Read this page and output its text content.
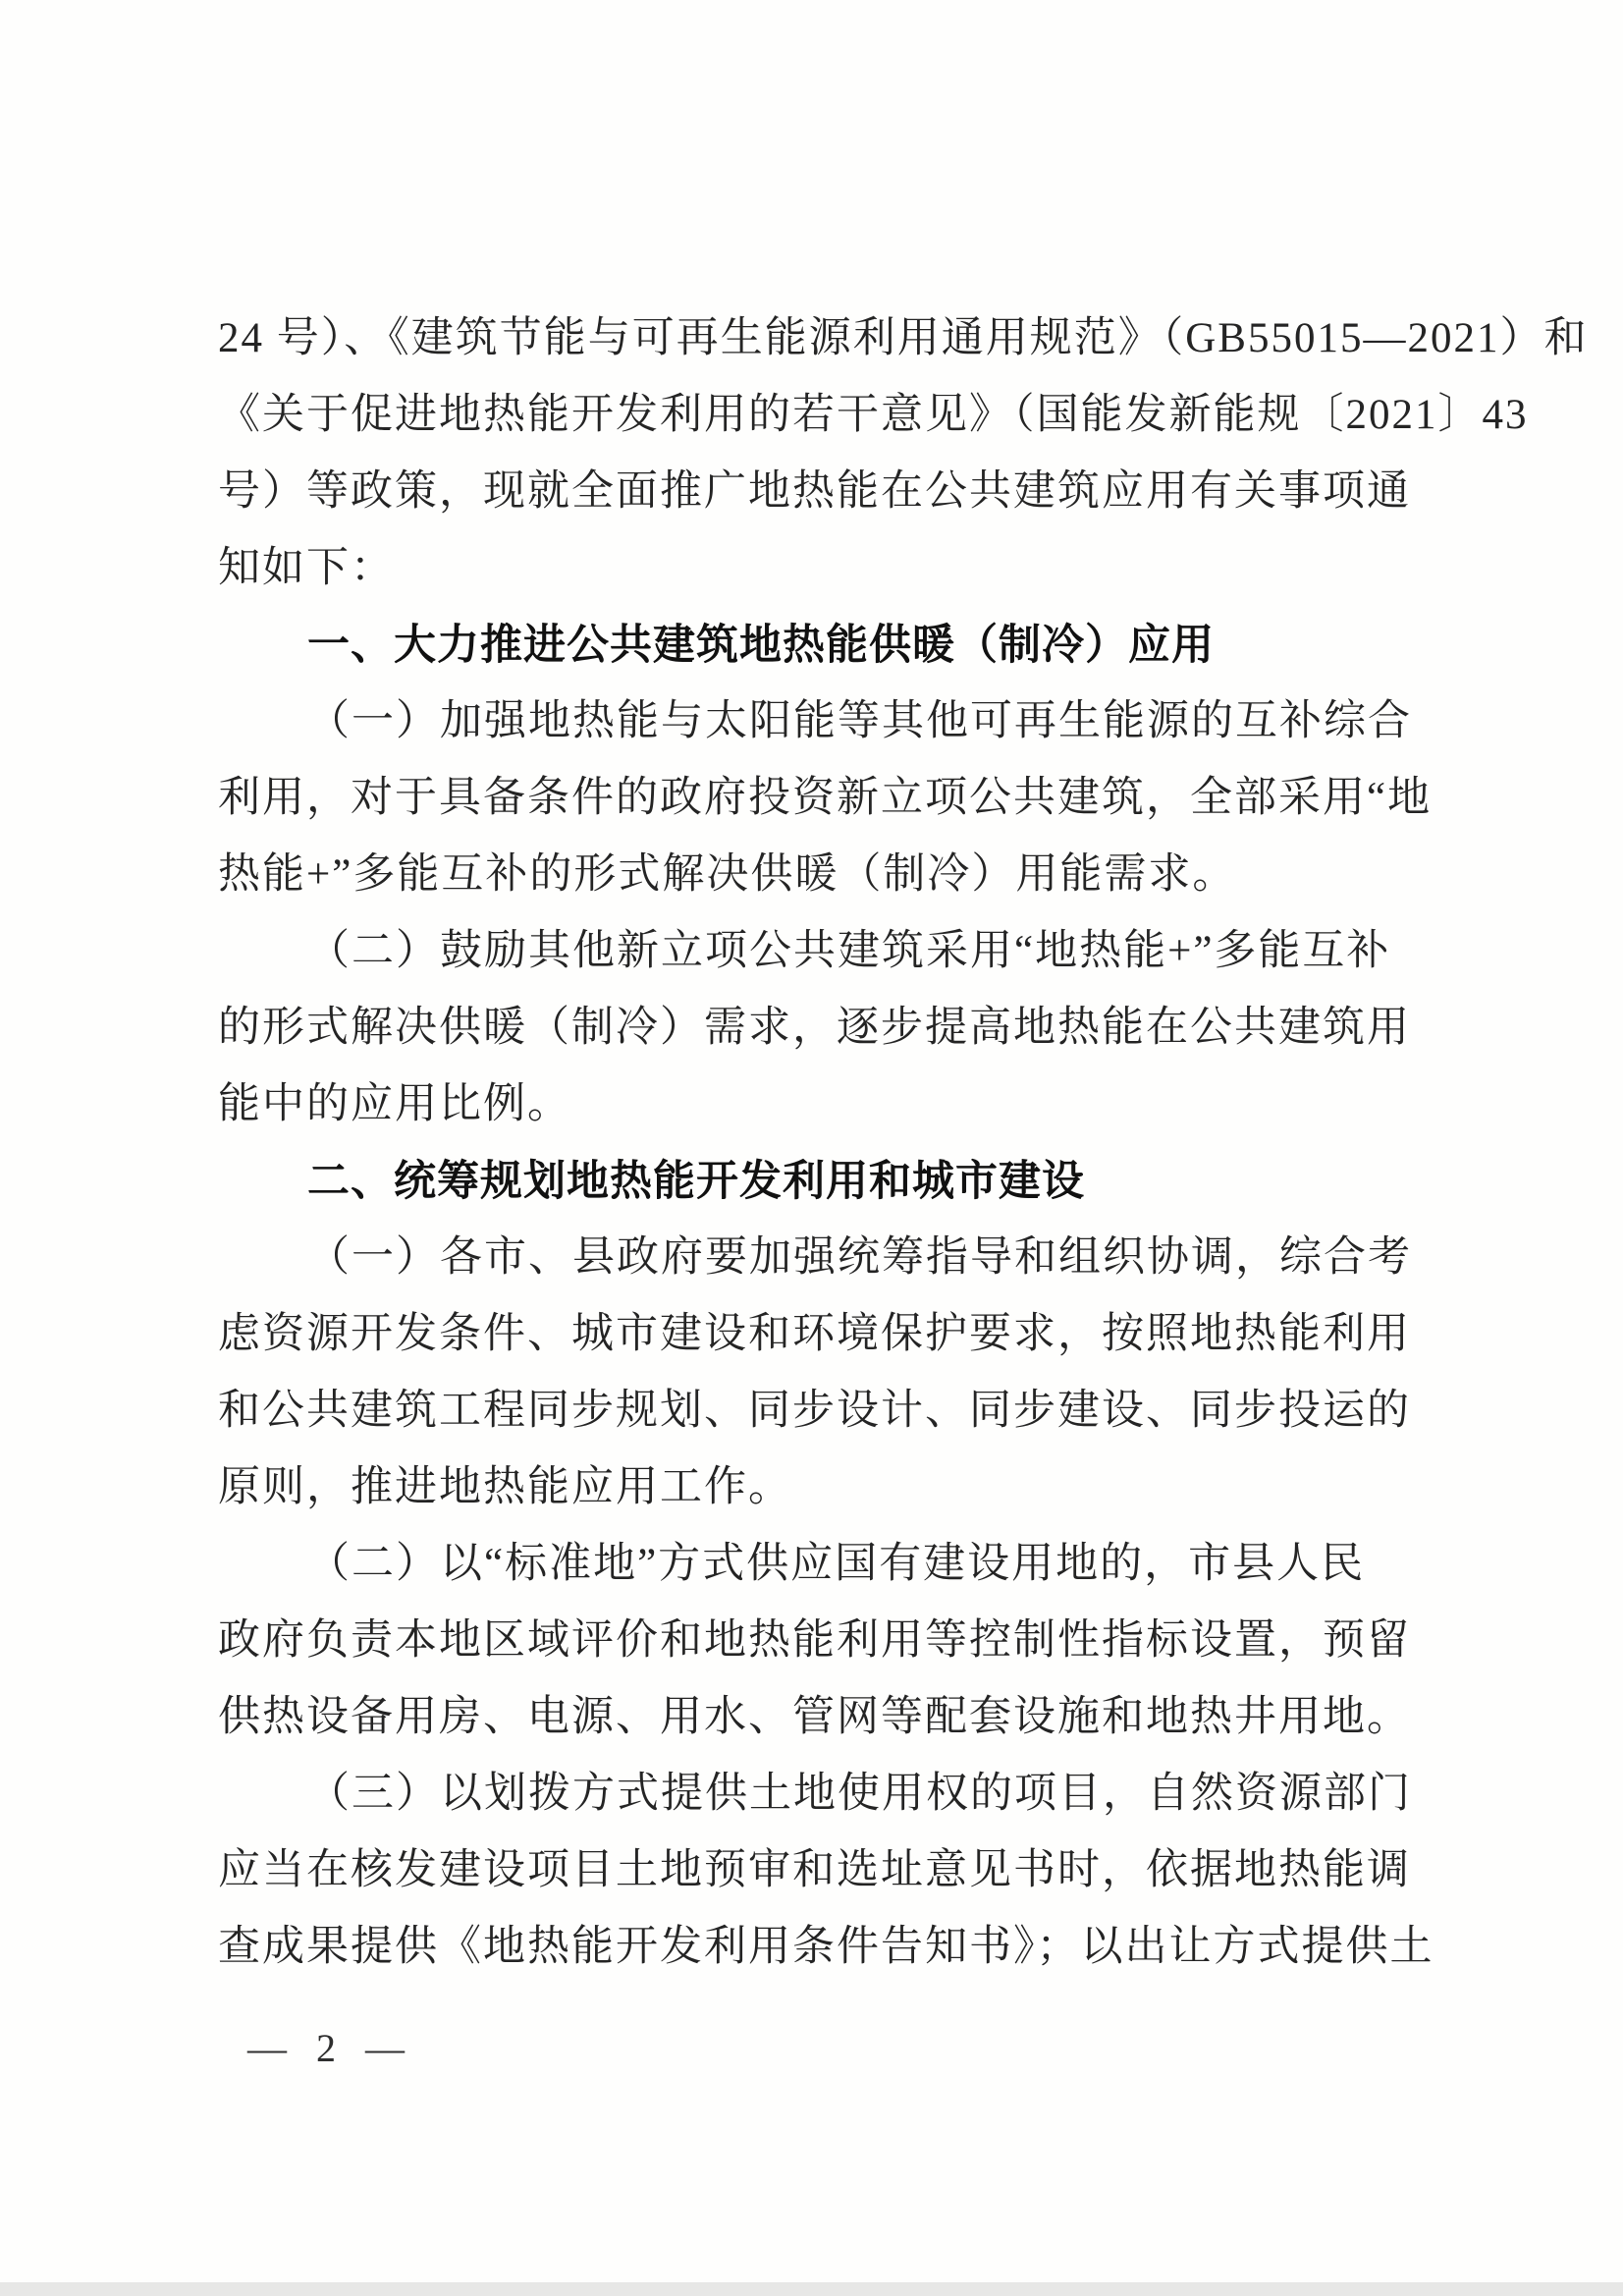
24 号）、《建筑节能与可再生能源利用通用规范》（GB55015—2021）和
《关于促进地热能开发利用的若干意见》（国能发新能规〔2021〕43
号）等政策，现就全面推广地热能在公共建筑应用有关事项通
知如下：
一、大力推进公共建筑地热能供暖（制冷）应用
（一）加强地热能与太阳能等其他可再生能源的互补综合
利用，对于具备条件的政府投资新立项公共建筑，全部采用“地
热能+”多能互补的形式解决供暖（制冷）用能需求。
（二）鼓励其他新立项公共建筑采用“地热能+”多能互补
的形式解决供暖（制冷）需求，逐步提高地热能在公共建筑用
能中的应用比例。
二、统筹规划地热能开发利用和城市建设
（一）各市、县政府要加强统筹指导和组织协调，综合考
虑资源开发条件、城市建设和环境保护要求，按照地热能利用
和公共建筑工程同步规划、同步设计、同步建设、同步投运的
原则，推进地热能应用工作。
（二）以“标准地”方式供应国有建设用地的，市县人民
政府负责本地区域评价和地热能利用等控制性指标设置，预留
供热设备用房、电源、用水、管网等配套设施和地热井用地。
（三）以划拨方式提供土地使用权的项目，自然资源部门
应当在核发建设项目土地预审和选址意见书时，依据地热能调
查成果提供《地热能开发利用条件告知书》；以出让方式提供土
— 2 —
